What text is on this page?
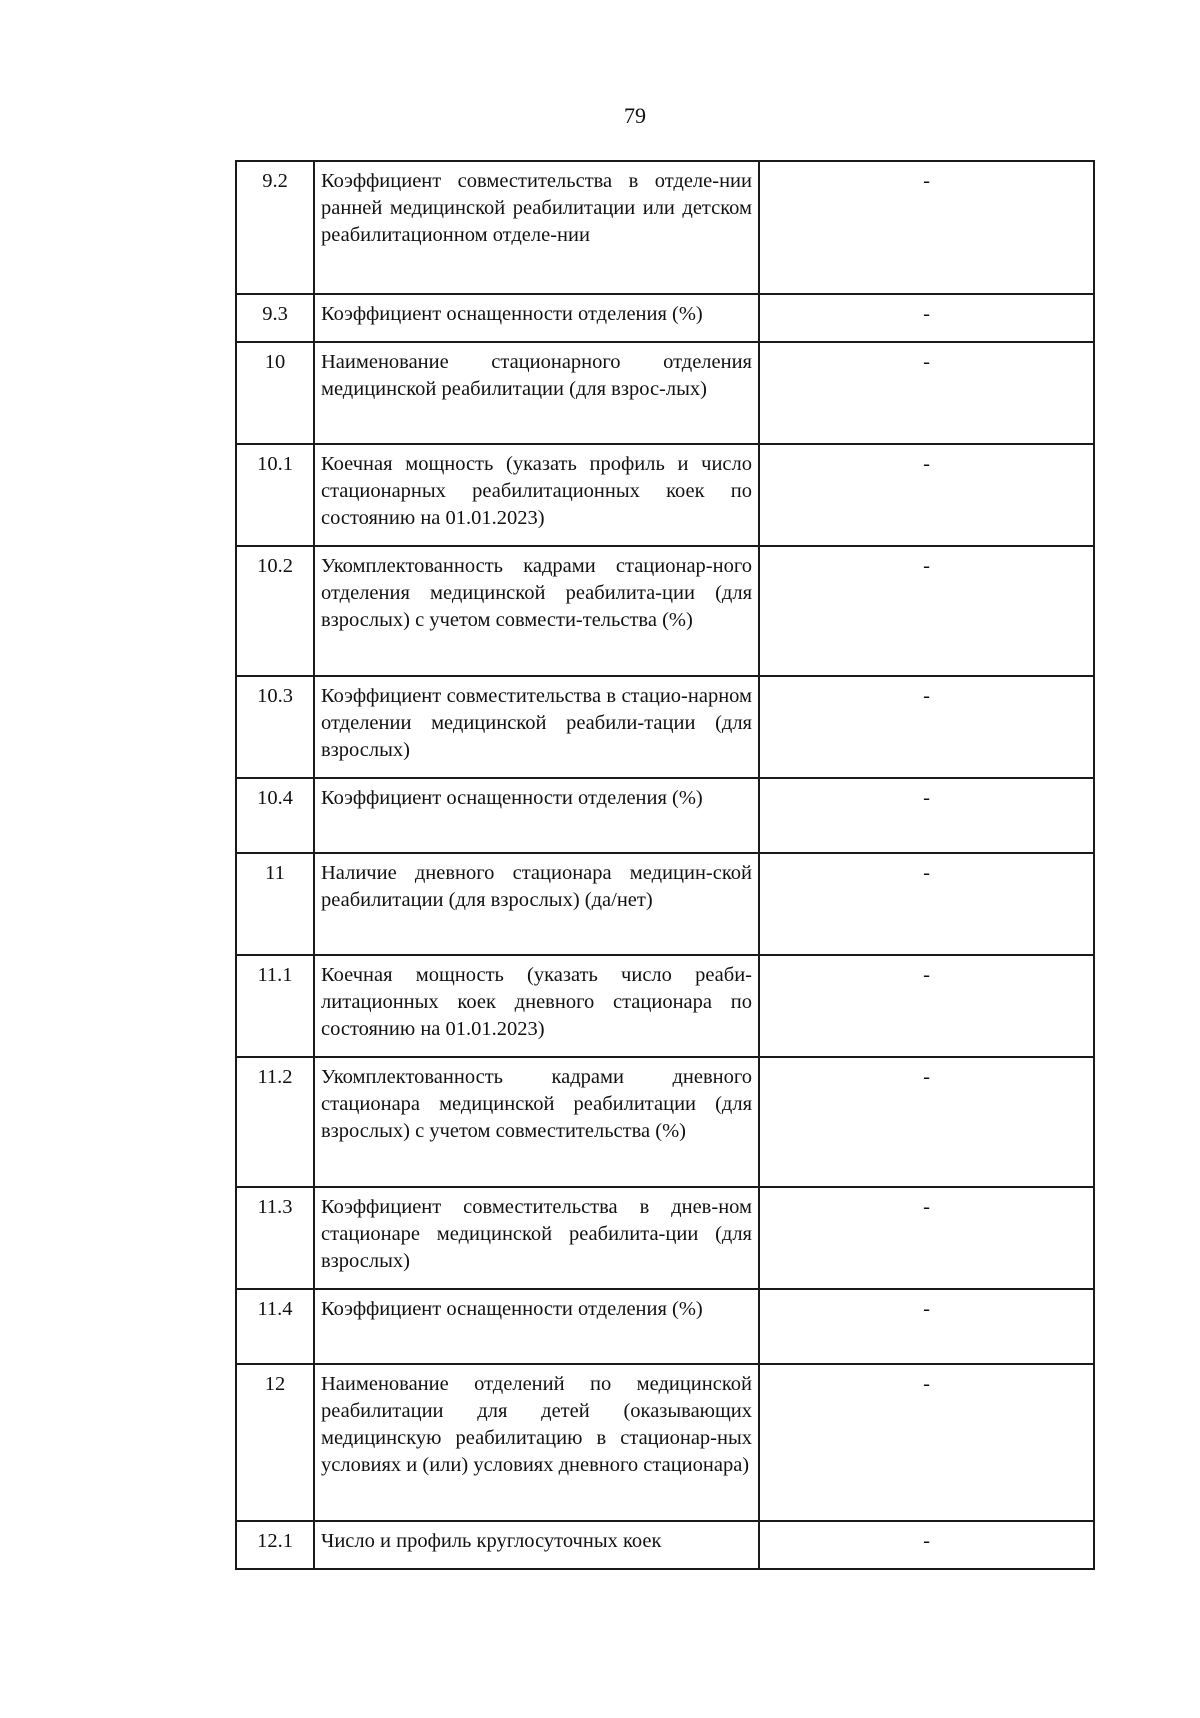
79
9.2	Коэффициент совместительства в отделе-нии ранней медицинской реабилитации или детском реабилитационном отделе-нии	-
9.3	Коэффициент оснащенности отделения (%)	-
10	Наименование стационарного отделения медицинской реабилитации (для взрос-лых)	-
10.1	Коечная мощность (указать профиль и число стационарных реабилитационных коек по состоянию на 01.01.2023)	-
10.2	Укомплектованность кадрами стационар-ного отделения медицинской реабилита-ции (для взрослых) с учетом совмести-тельства (%)	-
10.3	Коэффициент совместительства в стацио-нарном отделении медицинской реабили-тации (для взрослых)	-
10.4	Коэффициент оснащенности отделения (%)	-
11	Наличие дневного стационара медицин-ской реабилитации (для взрослых) (да/нет)	-
11.1	Коечная мощность (указать число реаби-литационных коек дневного стационара по состоянию на 01.01.2023)	-
11.2	Укомплектованность кадрами дневного стационара медицинской реабилитации (для взрослых) с учетом совместительства (%)	-
11.3	Коэффициент совместительства в днев-ном стационаре медицинской реабилита-ции (для взрослых)	-
11.4	Коэффициент оснащенности отделения (%)	-
12	Наименование отделений по медицинской реабилитации для детей (оказывающих медицинскую реабилитацию в стационар-ных условиях и (или) условиях дневного стационара)	-
12.1	Число и профиль круглосуточных коек	-
